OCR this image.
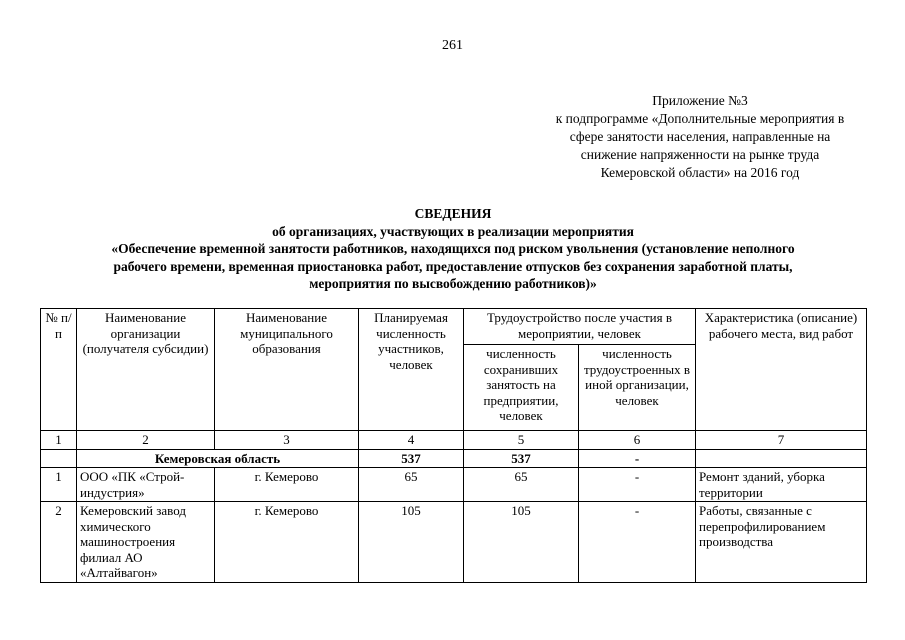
261
Приложение №3
к подпрограмме «Дополнительные мероприятия в
сфере занятости населения, направленные на
снижение напряженности на рынке труда
Кемеровской области» на 2016 год
СВЕДЕНИЯ
об организациях, участвующих в реализации мероприятия
«Обеспечение временной занятости работников, находящихся под риском увольнения (установление неполного
рабочего времени, временная приостановка работ, предоставление отпусков без сохранения заработной платы,
мероприятия по высвобождению работников)»
№ п/п	Наименование организации (получателя субсидии)	Наименование муниципального образования	Планируемая численность участников, человек	Трудоустройство после участия в мероприятии, человек		Характеристика (описание) рабочего места, вид работ
				численность сохранивших занятость на предприятии, человек	численность трудоустроенных в иной организации, человек	
1	2	3	4	5	6	7
	Кемеровская область		537	537	-	
1	ООО «ПК «Строй-индустрия»	г. Кемерово	65	65	-	Ремонт зданий, уборка территории
2	Кемеровский завод химического машиностроения филиал АО «Алтайвагон»	г. Кемерово	105	105	-	Работы, связанные с перепрофилированием производства
